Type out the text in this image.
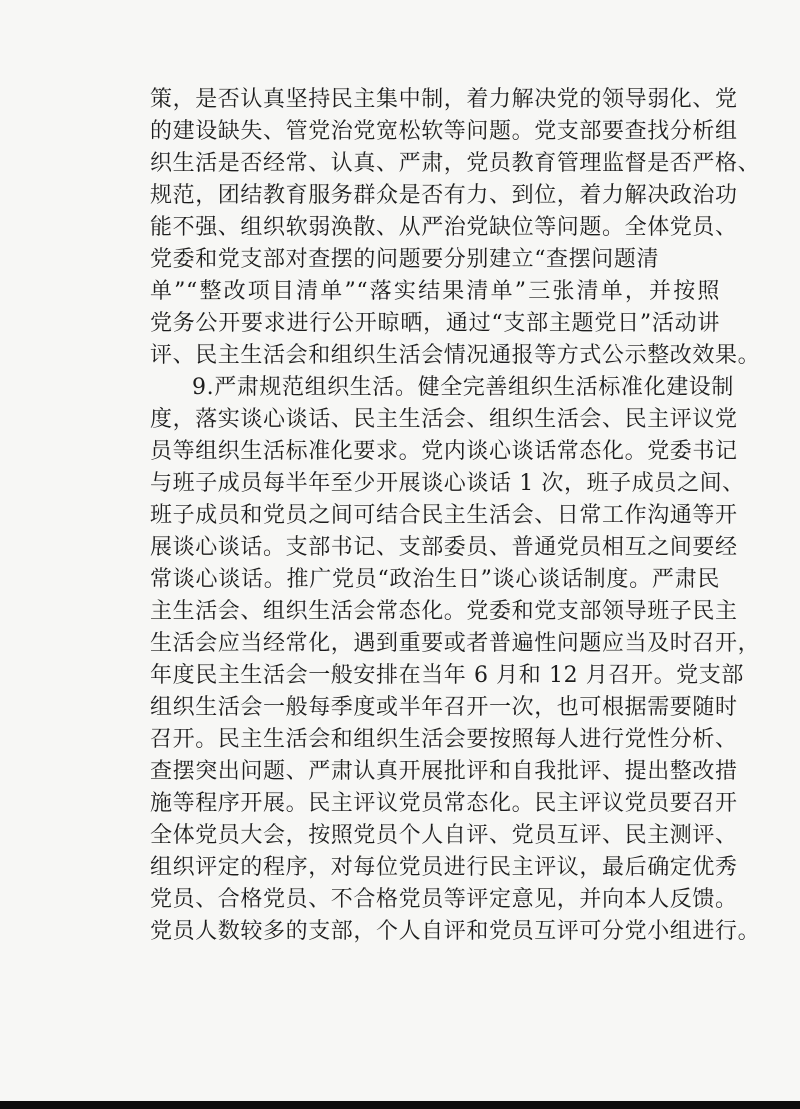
策，是否认真坚持民主集中制，着力解决党的领导弱化、党
的建设缺失、管党治党宽松软等问题。党支部要查找分析组
织生活是否经常、认真、严肃，党员教育管理监督是否严格、
规范，团结教育服务群众是否有力、到位，着力解决政治功
能不强、组织软弱涣散、从严治党缺位等问题。全体党员、
党委和党支部对查摆的问题要分别建立“查摆问题清
单”“整改项目清单”“落实结果清单”三张清单，并按照
党务公开要求进行公开晾晒，通过“支部主题党日”活动讲
评、民主生活会和组织生活会情况通报等方式公示整改效果。
9.严肃规范组织生活。健全完善组织生活标准化建设制
度，落实谈心谈话、民主生活会、组织生活会、民主评议党
员等组织生活标准化要求。党内谈心谈话常态化。党委书记
与班子成员每半年至少开展谈心谈话 1 次，班子成员之间、
班子成员和党员之间可结合民主生活会、日常工作沟通等开
展谈心谈话。支部书记、支部委员、普通党员相互之间要经
常谈心谈话。推广党员“政治生日”谈心谈话制度。严肃民
主生活会、组织生活会常态化。党委和党支部领导班子民主
生活会应当经常化，遇到重要或者普遍性问题应当及时召开，
年度民主生活会一般安排在当年 6 月和 12 月召开。党支部
组织生活会一般每季度或半年召开一次，也可根据需要随时
召开。民主生活会和组织生活会要按照每人进行党性分析、
查摆突出问题、严肃认真开展批评和自我批评、提出整改措
施等程序开展。民主评议党员常态化。民主评议党员要召开
全体党员大会，按照党员个人自评、党员互评、民主测评、
组织评定的程序，对每位党员进行民主评议，最后确定优秀
党员、合格党员、不合格党员等评定意见，并向本人反馈。
党员人数较多的支部，个人自评和党员互评可分党小组进行。
